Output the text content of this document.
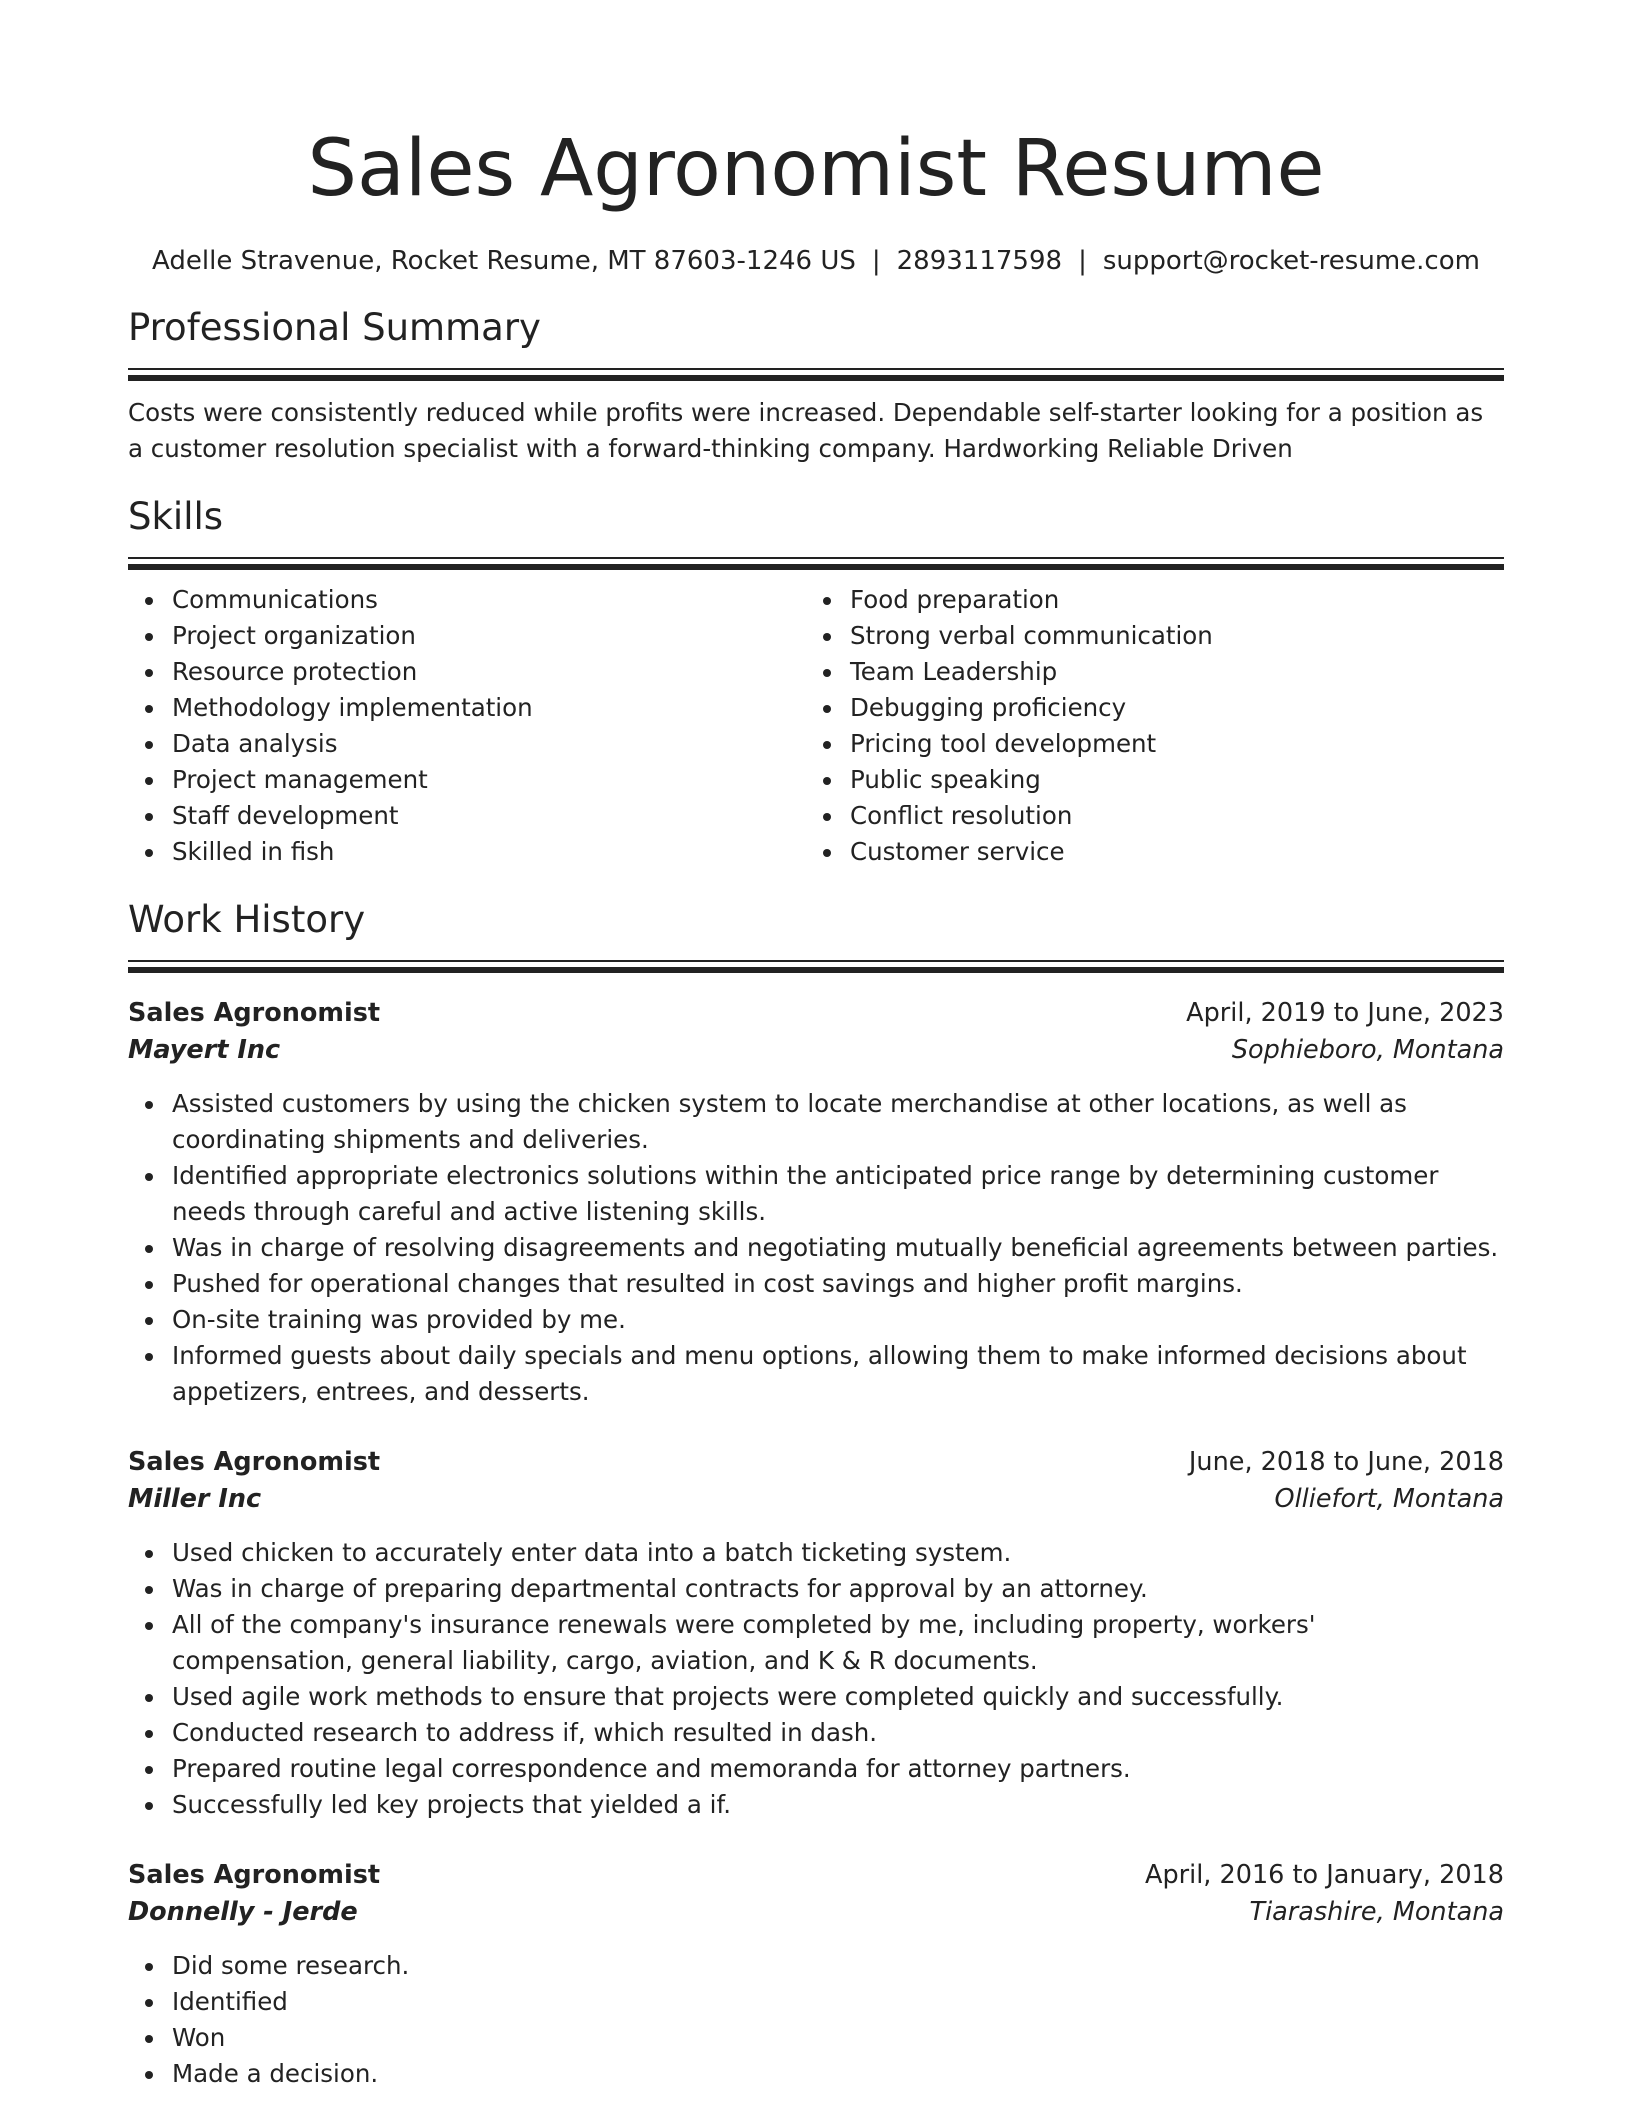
Sales Agronomist Resume
Adelle Stravenue, Rocket Resume, MT 87603-1246 US | 2893117598 | support@rocket-resume.com
Professional Summary
Costs were consistently reduced while profits were increased. Dependable self-starter looking for a position as a customer resolution specialist with a forward-thinking company. Hardworking Reliable Driven
Skills
Communications
Project organization
Resource protection
Methodology implementation
Data analysis
Project management
Staff development
Skilled in fish
Food preparation
Strong verbal communication
Team Leadership
Debugging proficiency
Pricing tool development
Public speaking
Conflict resolution
Customer service
Work History
Sales Agronomist	April, 2019 to June, 2023
Mayert Inc	Sophieboro, Montana
Assisted customers by using the chicken system to locate merchandise at other locations, as well as coordinating shipments and deliveries.
Identified appropriate electronics solutions within the anticipated price range by determining customer needs through careful and active listening skills.
Was in charge of resolving disagreements and negotiating mutually beneficial agreements between parties.
Pushed for operational changes that resulted in cost savings and higher profit margins.
On-site training was provided by me.
Informed guests about daily specials and menu options, allowing them to make informed decisions about appetizers, entrees, and desserts.
Sales Agronomist	June, 2018 to June, 2018
Miller Inc	Olliefort, Montana
Used chicken to accurately enter data into a batch ticketing system.
Was in charge of preparing departmental contracts for approval by an attorney.
All of the company's insurance renewals were completed by me, including property, workers' compensation, general liability, cargo, aviation, and K & R documents.
Used agile work methods to ensure that projects were completed quickly and successfully.
Conducted research to address if, which resulted in dash.
Prepared routine legal correspondence and memoranda for attorney partners.
Successfully led key projects that yielded a if.
Sales Agronomist	April, 2016 to January, 2018
Donnelly - Jerde	Tiarashire, Montana
Did some research.
Identified
Won
Made a decision.
